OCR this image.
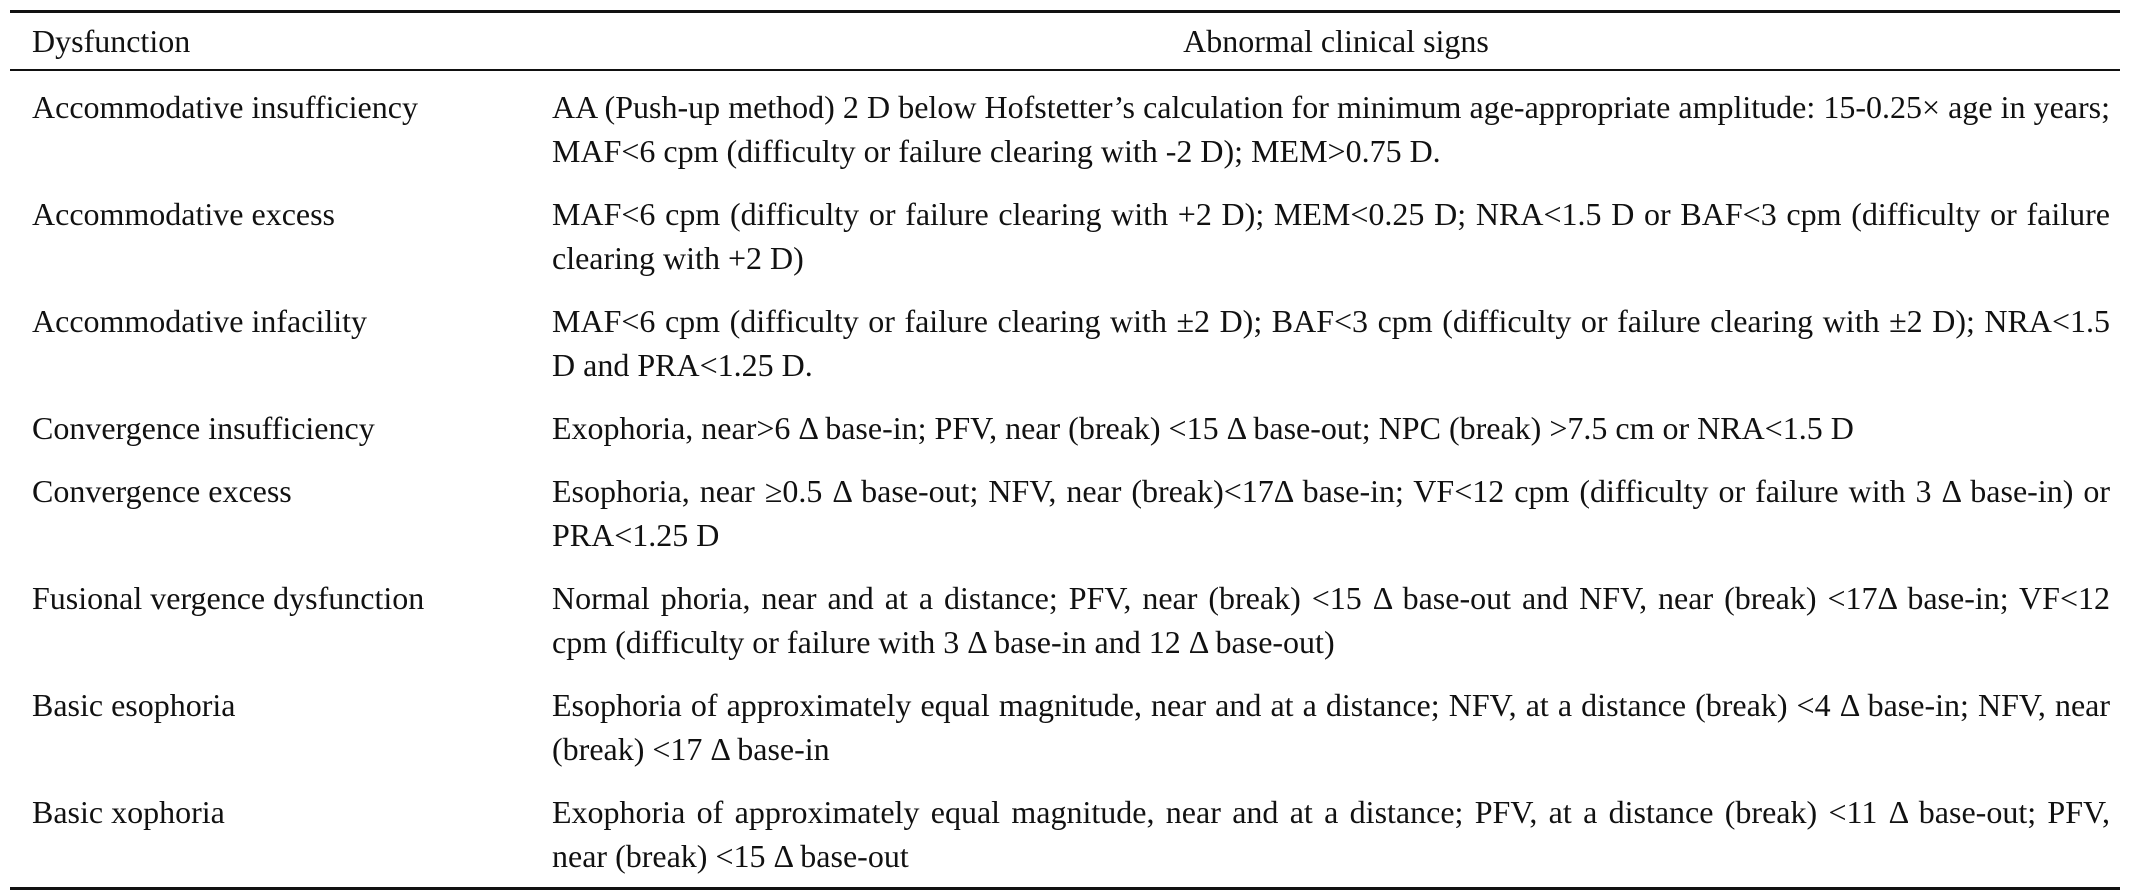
Dysfunction	Abnormal clinical signs
Accommodative insufficiency	AA (Push-up method) 2 D below Hofstetter’s calculation for minimum age-appropriate amplitude: 15-0.25× age in years; MAF<6 cpm (difficulty or failure clearing with -2 D); MEM>0.75 D.
Accommodative excess	MAF<6 cpm (difficulty or failure clearing with +2 D); MEM<0.25 D; NRA<1.5 D or BAF<3 cpm (difficulty or failure clearing with +2 D)
Accommodative infacility	MAF<6 cpm (difficulty or failure clearing with ±2 D); BAF<3 cpm (difficulty or failure clearing with ±2 D); NRA<1.5 D and PRA<1.25 D.
Convergence insufficiency	Exophoria, near>6 Δ base-in; PFV, near (break) <15 Δ base-out; NPC (break) >7.5 cm or NRA<1.5 D
Convergence excess	Esophoria, near ≥0.5 Δ base-out; NFV, near (break)<17Δ base-in; VF<12 cpm (difficulty or failure with 3 Δ base-in) or PRA<1.25 D
Fusional vergence dysfunction	Normal phoria, near and at a distance; PFV, near (break) <15 Δ base-out and NFV, near (break) <17Δ base-in; VF<12 cpm (difficulty or failure with 3 Δ base-in and 12 Δ base-out)
Basic esophoria	Esophoria of approximately equal magnitude, near and at a distance; NFV, at a distance (break) <4 Δ base-in; NFV, near (break) <17 Δ base-in
Basic xophoria	Exophoria of approximately equal magnitude, near and at a distance; PFV, at a distance (break) <11 Δ base-out; PFV, near (break) <15 Δ base-out
